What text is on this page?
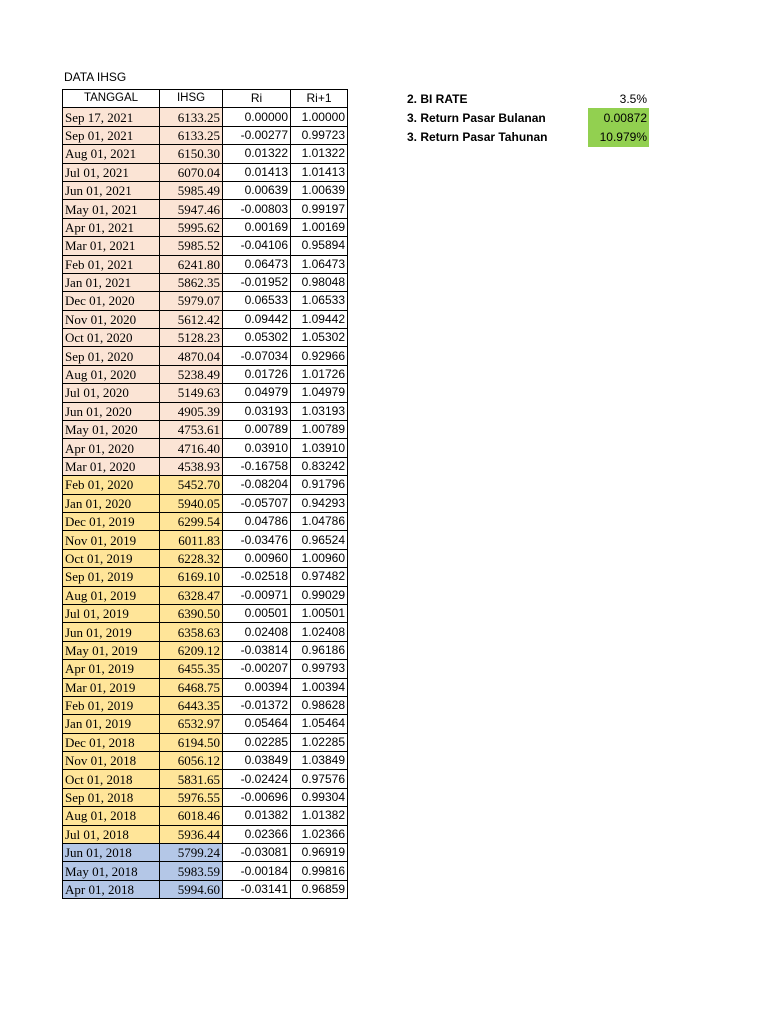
DATA IHSG
TANGGAL	IHSG	Ri	Ri+1
Sep 17, 2021	6133.25	0.00000	1.00000
Sep 01, 2021	6133.25	-0.00277	0.99723
Aug 01, 2021	6150.30	0.01322	1.01322
Jul 01, 2021	6070.04	0.01413	1.01413
Jun 01, 2021	5985.49	0.00639	1.00639
May 01, 2021	5947.46	-0.00803	0.99197
Apr 01, 2021	5995.62	0.00169	1.00169
Mar 01, 2021	5985.52	-0.04106	0.95894
Feb 01, 2021	6241.80	0.06473	1.06473
Jan 01, 2021	5862.35	-0.01952	0.98048
Dec 01, 2020	5979.07	0.06533	1.06533
Nov 01, 2020	5612.42	0.09442	1.09442
Oct 01, 2020	5128.23	0.05302	1.05302
Sep 01, 2020	4870.04	-0.07034	0.92966
Aug 01, 2020	5238.49	0.01726	1.01726
Jul 01, 2020	5149.63	0.04979	1.04979
Jun 01, 2020	4905.39	0.03193	1.03193
May 01, 2020	4753.61	0.00789	1.00789
Apr 01, 2020	4716.40	0.03910	1.03910
Mar 01, 2020	4538.93	-0.16758	0.83242
Feb 01, 2020	5452.70	-0.08204	0.91796
Jan 01, 2020	5940.05	-0.05707	0.94293
Dec 01, 2019	6299.54	0.04786	1.04786
Nov 01, 2019	6011.83	-0.03476	0.96524
Oct 01, 2019	6228.32	0.00960	1.00960
Sep 01, 2019	6169.10	-0.02518	0.97482
Aug 01, 2019	6328.47	-0.00971	0.99029
Jul 01, 2019	6390.50	0.00501	1.00501
Jun 01, 2019	6358.63	0.02408	1.02408
May 01, 2019	6209.12	-0.03814	0.96186
Apr 01, 2019	6455.35	-0.00207	0.99793
Mar 01, 2019	6468.75	0.00394	1.00394
Feb 01, 2019	6443.35	-0.01372	0.98628
Jan 01, 2019	6532.97	0.05464	1.05464
Dec 01, 2018	6194.50	0.02285	1.02285
Nov 01, 2018	6056.12	0.03849	1.03849
Oct 01, 2018	5831.65	-0.02424	0.97576
Sep 01, 2018	5976.55	-0.00696	0.99304
Aug 01, 2018	6018.46	0.01382	1.01382
Jul 01, 2018	5936.44	0.02366	1.02366
Jun 01, 2018	5799.24	-0.03081	0.96919
May 01, 2018	5983.59	-0.00184	0.99816
Apr 01, 2018	5994.60	-0.03141	0.96859
2. BI RATE	3.5%
3. Return Pasar Bulanan	0.00872
3. Return Pasar Tahunan	10.979%
